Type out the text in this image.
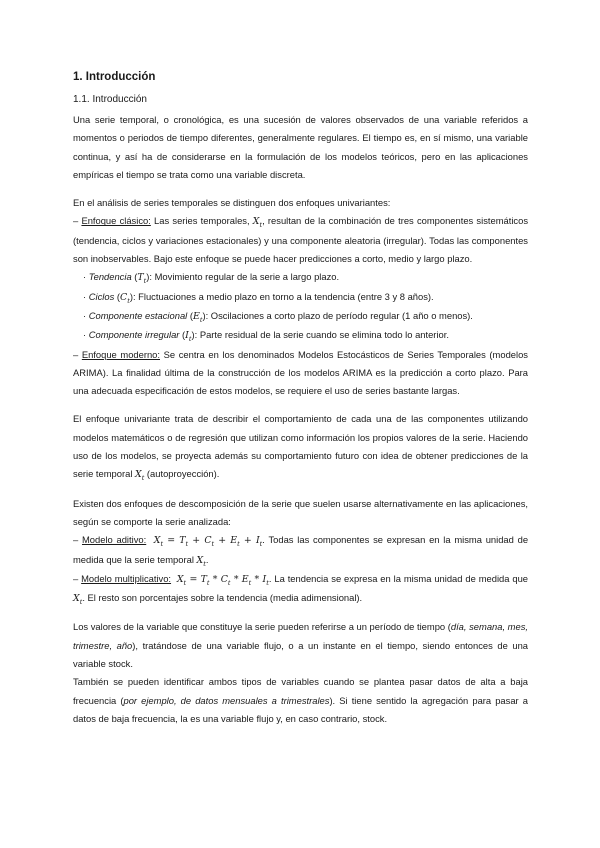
1. Introducción
1.1. Introducción

Una serie temporal, o cronológica, es una sucesión de valores observados de una variable referidos a momentos o periodos de tiempo diferentes, generalmente regulares. El tiempo es, en sí mismo, una variable continua, y así ha de considerarse en la formulación de los modelos teóricos, pero en las aplicaciones empíricas el tiempo se trata como una variable discreta.

En el análisis de series temporales se distinguen dos enfoques univariantes:

– Enfoque clásico: Las series temporales, $X_t$, resultan de la combinación de tres componentes sistemáticos (tendencia, ciclos y variaciones estacionales) y una componente aleatoria (irregular). Todas las componentes son inobservables. Bajo este enfoque se puede hacer predicciones a corto, medio y largo plazo.

· Tendencia $(T_t)$: Movimiento regular de la serie a largo plazo.

· Ciclos $(C_t)$: Fluctuaciones a medio plazo en torno a la tendencia (entre 3 y 8 años).

· Componente estacional $(E_t)$: Oscilaciones a corto plazo de período regular (1 año o menos).

· Componente irregular $(I_t)$: Parte residual de la serie cuando se elimina todo lo anterior.

– Enfoque moderno: Se centra en los denominados Modelos Estocásticos de Series Temporales (modelos ARIMA). La finalidad última de la construcción de los modelos ARIMA es la predicción a corto plazo. Para una adecuada especificación de estos modelos, se requiere el uso de series bastante largas.

El enfoque univariante trata de describir el comportamiento de cada una de las componentes utilizando modelos matemáticos o de regresión que utilizan como información los propios valores de la serie. Haciendo uso de los modelos, se proyecta además su comportamiento futuro con idea de obtener predicciones de la serie temporal $X_t$ (autoproyección).

Existen dos enfoques de descomposición de la serie que suelen usarse alternativamente en las aplicaciones, según se comporte la serie analizada:

– Modelo aditivo: $X_t = T_t + C_t + E_t + I_t$. Todas las componentes se expresan en la misma unidad de medida que la serie temporal $X_t$.

– Modelo multiplicativo: $X_t = T_t * C_t * E_t * I_t$. La tendencia se expresa en la misma unidad de medida que $X_t$. El resto son porcentajes sobre la tendencia (media adimensional).

Los valores de la variable que constituye la serie pueden referirse a un período de tiempo (día, semana, mes, trimestre, año), tratándose de una variable flujo, o a un instante en el tiempo, siendo entonces de una variable stock.

También se pueden identificar ambos tipos de variables cuando se plantea pasar datos de alta a baja frecuencia (por ejemplo, de datos mensuales a trimestrales). Si tiene sentido la agregación para pasar a datos de baja frecuencia, la es una variable flujo y, en caso contrario, stock.
